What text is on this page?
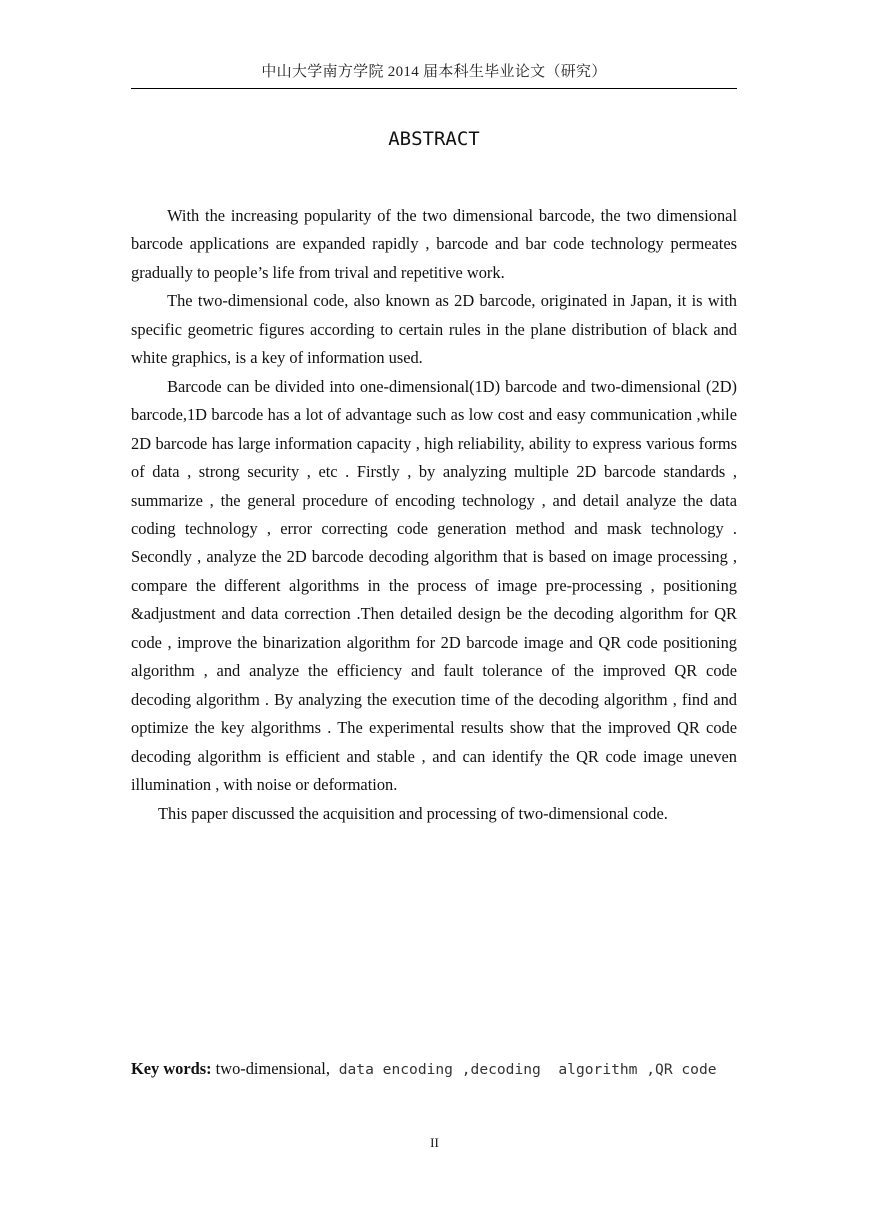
中山大学南方学院 2014 届本科生毕业论文（研究）
ABSTRACT

With the increasing popularity of the two dimensional barcode, the two dimensional barcode applications are expanded rapidly , barcode and bar code technology permeates gradually to people’s life from trival and repetitive work.

The two-dimensional code, also known as 2D barcode, originated in Japan, it is with specific geometric figures according to certain rules in the plane distribution of black and white graphics, is a key of information used.

Barcode can be divided into one-dimensional(1D) barcode and two-dimensional (2D) barcode,1D barcode has a lot of advantage such as low cost and easy communication ,while 2D barcode has large information capacity , high reliability, ability to express various forms of data , strong security , etc . Firstly , by analyzing multiple 2D barcode standards , summarize , the general procedure of encoding technology , and detail analyze the data coding technology , error correcting code generation method and mask technology . Secondly , analyze the 2D barcode decoding algorithm that is based on image processing , compare the different algorithms in the process of image pre-processing , positioning &adjustment and data correction .Then detailed design be the decoding algorithm for QR code , improve the binarization algorithm for 2D barcode image and QR code positioning algorithm , and analyze the efficiency and fault tolerance of the improved QR code decoding algorithm . By analyzing the execution time of the decoding algorithm , find and optimize the key algorithms . The experimental results show that the improved QR code decoding algorithm is efficient and stable , and can identify the QR code image uneven illumination , with noise or deformation.

This paper discussed the acquisition and processing of two-dimensional code.

Key words: two-dimensional, data encoding ,decoding  algorithm ,QR code
II
